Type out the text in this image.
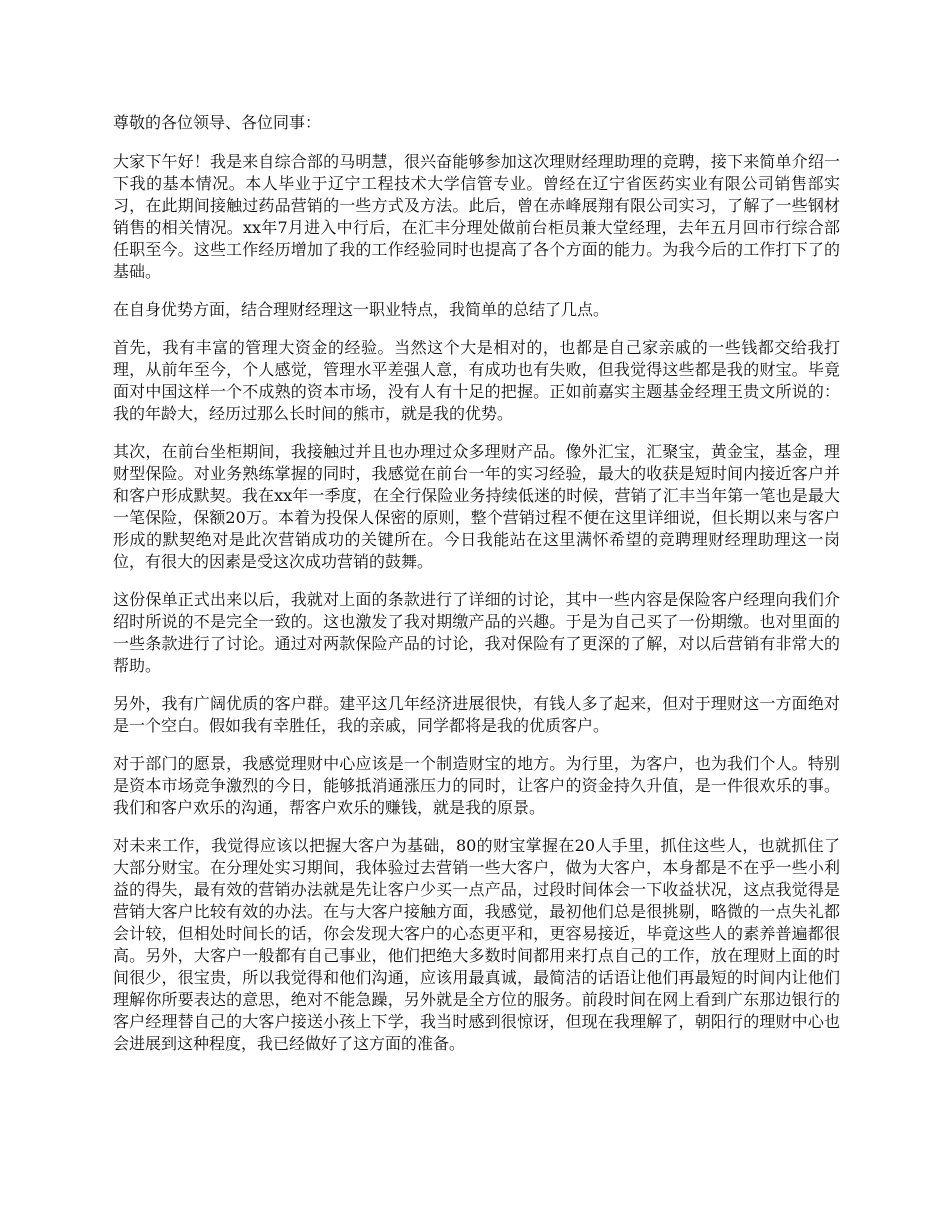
尊敬的各位领导、各位同事：

大家下午好！我是来自综合部的马明慧，很兴奋能够参加这次理财经理助理的竞聘，接下来简单介绍一下我的基本情况。本人毕业于辽宁工程技术大学信管专业。曾经在辽宁省医药实业有限公司销售部实习，在此期间接触过药品营销的一些方式及方法。此后，曾在赤峰展翔有限公司实习，了解了一些钢材销售的相关情况。xx年7月进入中行后，在汇丰分理处做前台柜员兼大堂经理，去年五月回市行综合部任职至今。这些工作经历增加了我的工作经验同时也提高了各个方面的能力。为我今后的工作打下了的基础。

在自身优势方面，结合理财经理这一职业特点，我简单的总结了几点。

首先，我有丰富的管理大资金的经验。当然这个大是相对的，也都是自己家亲戚的一些钱都交给我打理，从前年至今，个人感觉，管理水平差强人意，有成功也有失败，但我觉得这些都是我的财宝。毕竟面对中国这样一个不成熟的资本市场，没有人有十足的把握。正如前嘉实主题基金经理王贵文所说的：我的年龄大，经历过那么长时间的熊市，就是我的优势。

其次，在前台坐柜期间，我接触过并且也办理过众多理财产品。像外汇宝，汇聚宝，黄金宝，基金，理财型保险。对业务熟练掌握的同时，我感觉在前台一年的实习经验，最大的收获是短时间内接近客户并和客户形成默契。我在xx年一季度，在全行保险业务持续低迷的时候，营销了汇丰当年第一笔也是最大一笔保险，保额20万。本着为投保人保密的原则，整个营销过程不便在这里详细说，但长期以来与客户形成的默契绝对是此次营销成功的关键所在。今日我能站在这里满怀希望的竞聘理财经理助理这一岗位，有很大的因素是受这次成功营销的鼓舞。

这份保单正式出来以后，我就对上面的条款进行了详细的讨论，其中一些内容是保险客户经理向我们介绍时所说的不是完全一致的。这也激发了我对期缴产品的兴趣。于是为自己买了一份期缴。也对里面的一些条款进行了讨论。通过对两款保险产品的讨论，我对保险有了更深的了解，对以后营销有非常大的帮助。

另外，我有广阔优质的客户群。建平这几年经济进展很快，有钱人多了起来，但对于理财这一方面绝对是一个空白。假如我有幸胜任，我的亲戚，同学都将是我的优质客户。

对于部门的愿景，我感觉理财中心应该是一个制造财宝的地方。为行里，为客户，也为我们个人。特别是资本市场竞争激烈的今日，能够抵消通涨压力的同时，让客户的资金持久升值，是一件很欢乐的事。我们和客户欢乐的沟通，帮客户欢乐的赚钱，就是我的原景。

对未来工作，我觉得应该以把握大客户为基础，80的财宝掌握在20人手里，抓住这些人，也就抓住了大部分财宝。在分理处实习期间，我体验过去营销一些大客户，做为大客户，本身都是不在乎一些小利益的得失，最有效的营销办法就是先让客户少买一点产品，过段时间体会一下收益状况，这点我觉得是营销大客户比较有效的办法。在与大客户接触方面，我感觉，最初他们总是很挑剔，略微的一点失礼都会计较，但相处时间长的话，你会发现大客户的心态更平和，更容易接近，毕竟这些人的素养普遍都很高。另外，大客户一般都有自己事业，他们把绝大多数时间都用来打点自己的工作，放在理财上面的时间很少，很宝贵，所以我觉得和他们沟通，应该用最真诚，最简洁的话语让他们再最短的时间内让他们理解你所要表达的意思，绝对不能急躁，另外就是全方位的服务。前段时间在网上看到广东那边银行的客户经理替自己的大客户接送小孩上下学，我当时感到很惊讶，但现在我理解了，朝阳行的理财中心也会进展到这种程度，我已经做好了这方面的准备。
